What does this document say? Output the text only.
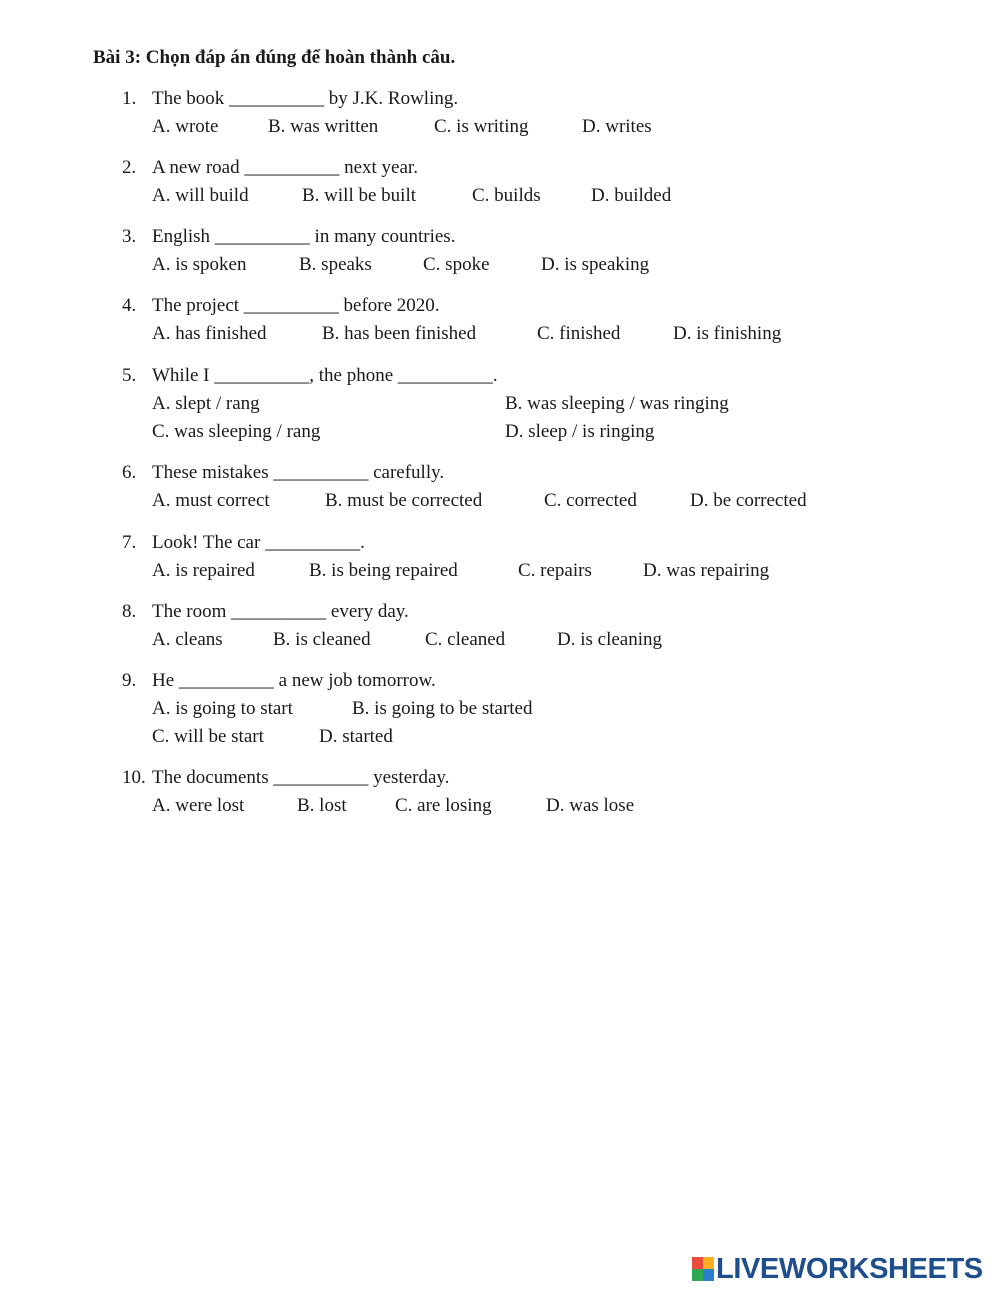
Bài 3: Chọn đáp án đúng để hoàn thành câu.
1. The book __________ by J.K. Rowling.
A. wrote	B. was written	C. is writing	D. writes
2. A new road __________ next year.
A. will build	B. will be built	C. builds	D. builded
3. English __________ in many countries.
A. is spoken	B. speaks	C. spoke	D. is speaking
4. The project __________ before 2020.
A. has finished	B. has been finished	C. finished	D. is finishing
5. While I __________, the phone __________.
A. slept / rang	B. was sleeping / was ringing
C. was sleeping / rang	D. sleep / is ringing
6. These mistakes __________ carefully.
A. must correct	B. must be corrected	C. corrected	D. be corrected
7. Look! The car __________.
A. is repaired	B. is being repaired	C. repairs	D. was repairing
8. The room __________ every day.
A. cleans	B. is cleaned	C. cleaned	D. is cleaning
9. He __________ a new job tomorrow.
A. is going to start	B. is going to be started
C. will be start	D. started
10. The documents __________ yesterday.
A. were lost	B. lost	C. are losing	D. was lose
LIVEWORKSHEETS
